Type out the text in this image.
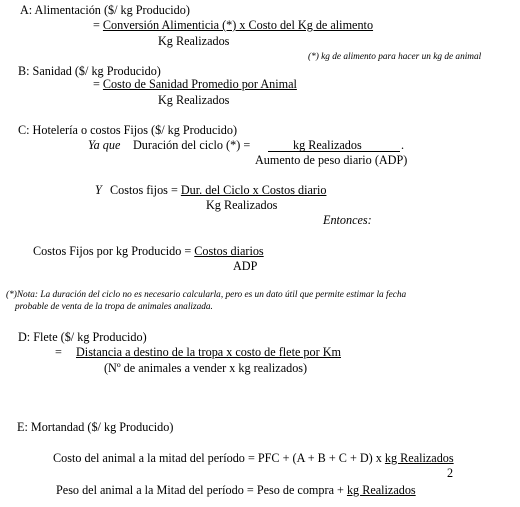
A: Alimentación ($/ kg Producido)
= Conversión Alimenticia (*) x Costo del Kg de alimento
Kg Realizados
(*) kg de alimento para hacer un kg de animal
B: Sanidad ($/ kg Producido)
= Costo de Sanidad Promedio por Animal
Kg Realizados
C: Hotelería o costos Fijos ($/ kg Producido)
Ya que Duración del ciclo (*) =	kg Realizados	.
Aumento de peso diario (ADP)
Y Costos fijos = Dur. del Ciclo x Costos diario
Kg Realizados
Entonces:
Costos Fijos por kg Producido = Costos diarios
ADP
(*)Nota: La duración del ciclo no es necesario calcularla, pero es un dato útil que permite estimar la fecha
probable de venta de la tropa de animales analizada.
D: Flete ($/ kg Producido)
= Distancia a destino de la tropa x costo de flete por Km
(Nº de animales a vender x kg realizados)
E: Mortandad ($/ kg Producido)
Costo del animal a la mitad del período = PFC + (A + B + C + D) x kg Realizados
2
Peso del animal a la Mitad del período = Peso de compra + kg Realizados
